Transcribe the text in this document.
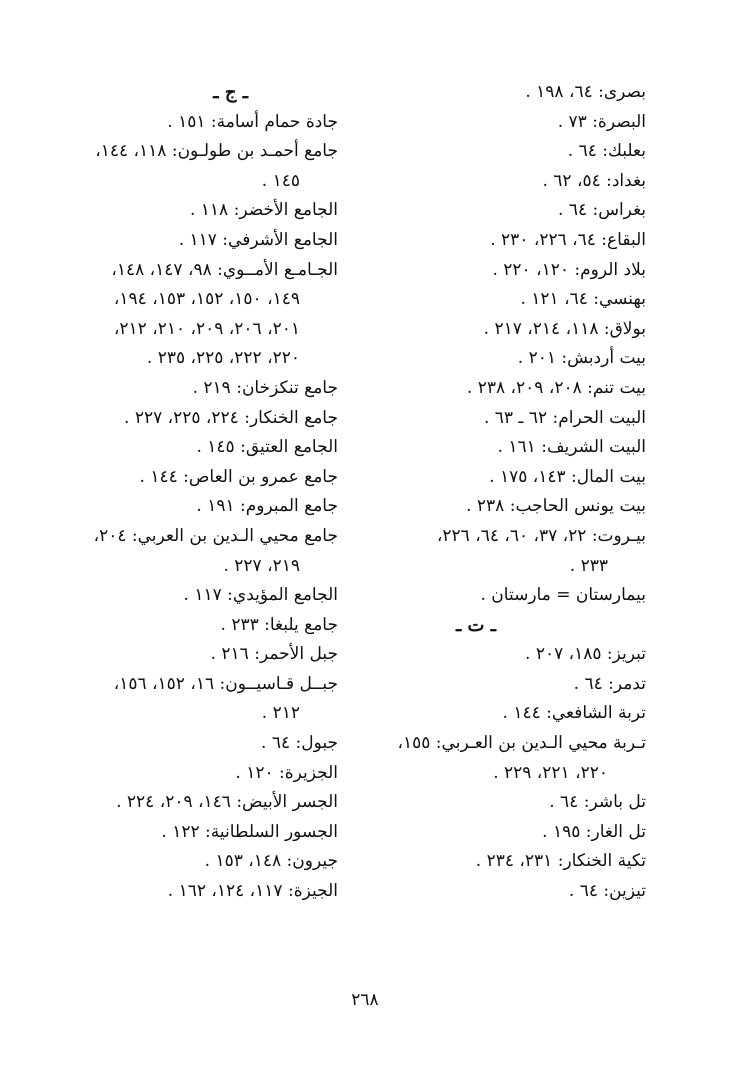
بصرى: ٦٤، ١٩٨ .
البصرة: ٧٣ .
بعلبك: ٦٤ .
بغداد: ٥٤، ٦٢ .
بغراس: ٦٤ .
البقاع: ٦٤، ٢٢٦، ٢٣٠ .
بلاد الروم: ١٢٠، ٢٢٠ .
بهنسي: ٦٤، ١٢١ .
بولاق: ١١٨، ٢١٤، ٢١٧ .
بيت أردبش: ٢٠١ .
بيت تنم: ٢٠٨، ٢٠٩، ٢٣٨ .
البيت الحرام: ٦٢ ـ ٦٣ .
البيت الشريف: ١٦١ .
بيت المال: ١٤٣، ١٧٥ .
بيت يونس الحاجب: ٢٣٨ .
بيـروت: ٢٢، ٣٧، ٦٠، ٦٤، ٢٢٦،
٢٣٣ .
بيمارستان = مارستان .
ـ ت ـ
تبريز: ١٨٥، ٢٠٧ .
تدمر: ٦٤ .
تربة الشافعي: ١٤٤ .
تـربة محيي الـدين بن العـربي: ١٥٥،
٢٢٠، ٢٢١، ٢٢٩ .
تل باشر: ٦٤ .
تل الغار: ١٩٥ .
تكية الخنكار: ٢٣١، ٢٣٤ .
تيزين: ٦٤ .
ـ ج ـ
جادة حمام أسامة: ١٥١ .
جامع أحمـد بن طولـون: ١١٨، ١٤٤،
١٤٥ .
الجامع الأخضر: ١١٨ .
الجامع الأشرفي: ١١٧ .
الجـامـع الأمــوي: ٩٨، ١٤٧، ١٤٨،
١٤٩، ١٥٠، ١٥٢، ١٥٣، ١٩٤،
٢٠١، ٢٠٦، ٢٠٩، ٢١٠، ٢١٢،
٢٢٠، ٢٢٢، ٢٢٥، ٢٣٥ .
جامع تنكزخان: ٢١٩ .
جامع الخنكار: ٢٢٤، ٢٢٥، ٢٢٧ .
الجامع العتيق: ١٤٥ .
جامع عمرو بن العاص: ١٤٤ .
جامع المبروم: ١٩١ .
جامع محيي الـدين بن العربي: ٢٠٤،
٢١٩، ٢٢٧ .
الجامع المؤيدي: ١١٧ .
جامع يلبغا: ٢٣٣ .
جبل الأحمر: ٢١٦ .
جبــل قـاسيــون: ١٦، ١٥٢، ١٥٦،
٢١٢ .
جبول: ٦٤ .
الجزيرة: ١٢٠ .
الجسر الأبيض: ١٤٦، ٢٠٩، ٢٢٤ .
الجسور السلطانية: ١٢٢ .
جيرون: ١٤٨، ١٥٣ .
الجيزة: ١١٧، ١٢٤، ١٦٢ .
٢٦٨
